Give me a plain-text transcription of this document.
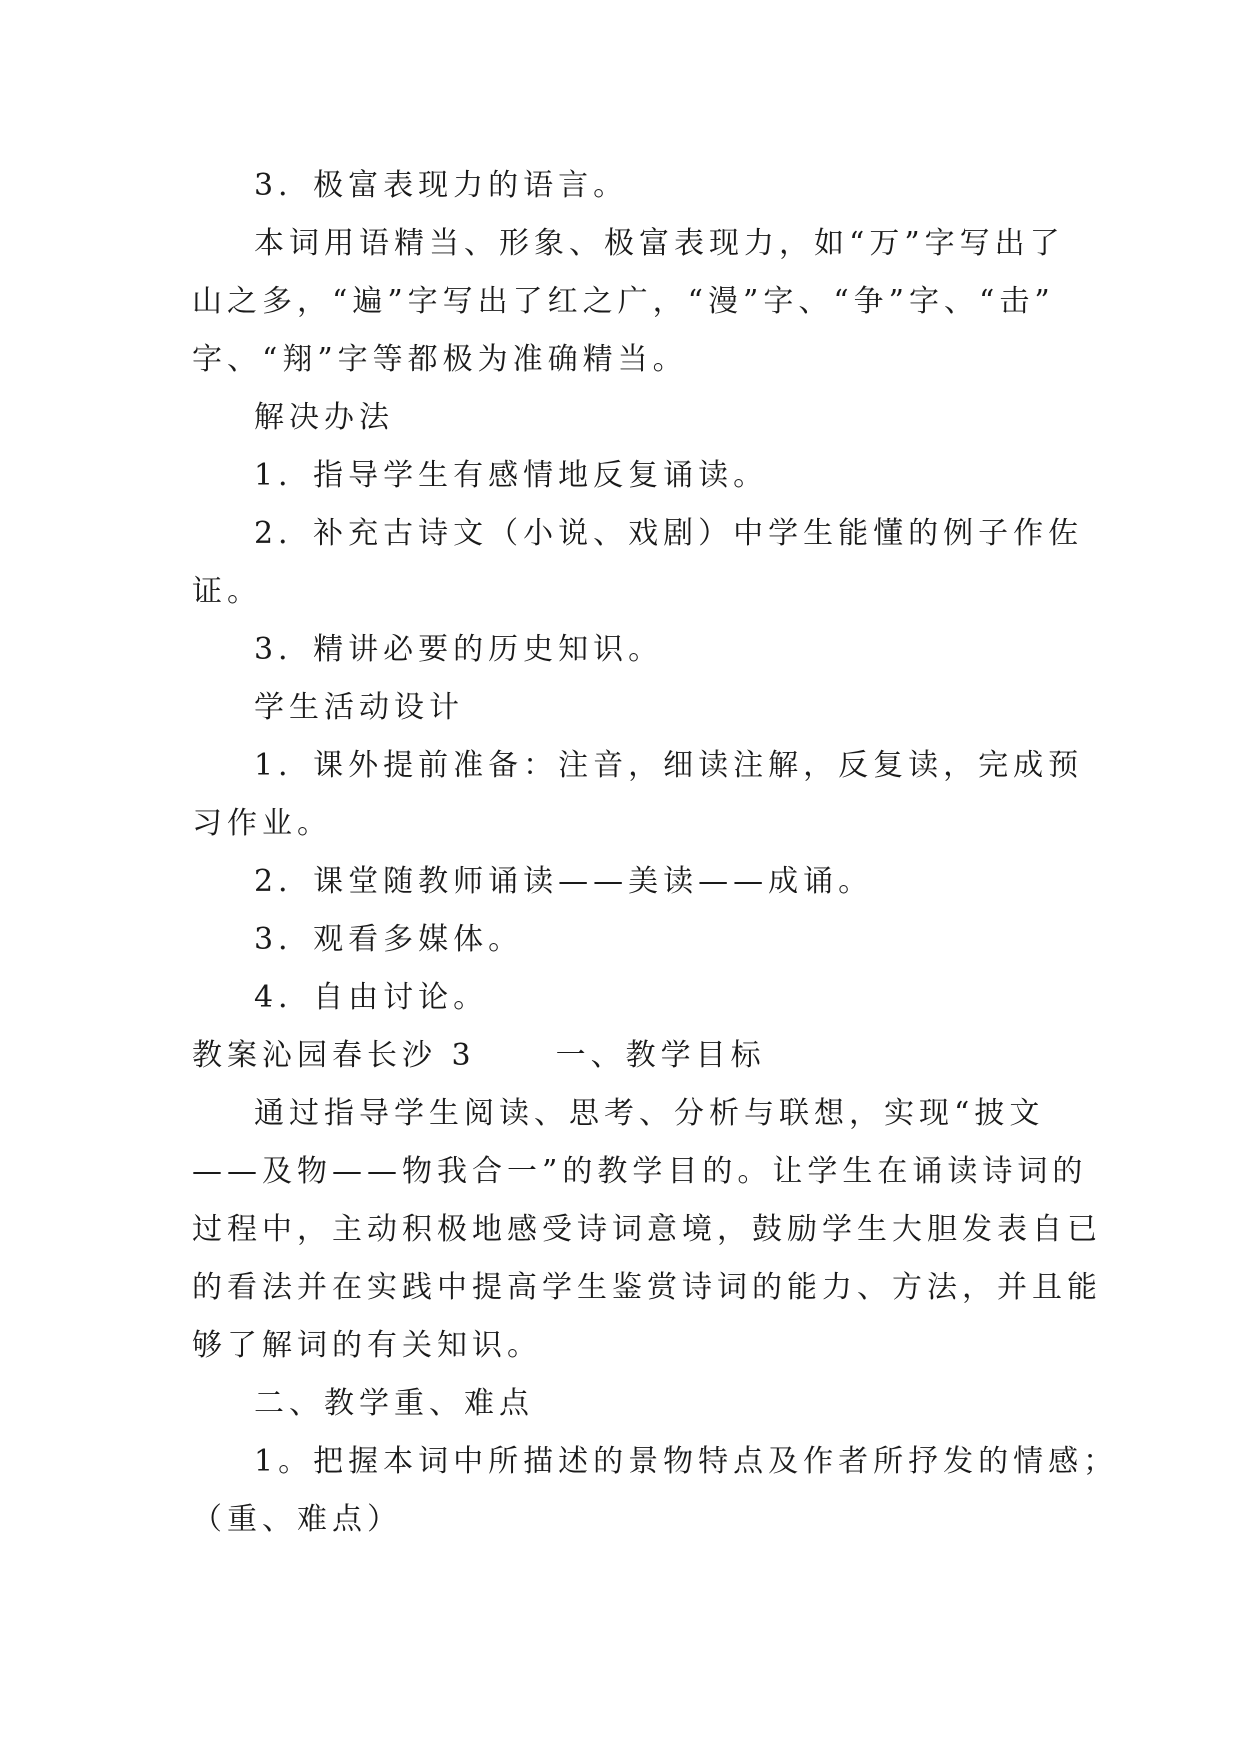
3．极富表现力的语言。
本词用语精当、形象、极富表现力，如“万”字写出了
山之多，“遍”字写出了红之广，“漫”字、“争”字、“击”
字、“翔”字等都极为准确精当。
解决办法
1．指导学生有感情地反复诵读。
2．补充古诗文（小说、戏剧）中学生能懂的例子作佐
证。
3．精讲必要的历史知识。
学生活动设计
1．课外提前准备：注音，细读注解，反复读，完成预
习作业。
2．课堂随教师诵读——美读——成诵。
3．观看多媒体。
4．自由讨论。
教案沁园春长沙 3	一、教学目标
通过指导学生阅读、思考、分析与联想，实现“披文
——及物——物我合一”的教学目的。让学生在诵读诗词的
过程中，主动积极地感受诗词意境，鼓励学生大胆发表自已
的看法并在实践中提高学生鉴赏诗词的能力、方法，并且能
够了解词的有关知识。
二、教学重、难点
1。把握本词中所描述的景物特点及作者所抒发的情感；
（重、难点）
